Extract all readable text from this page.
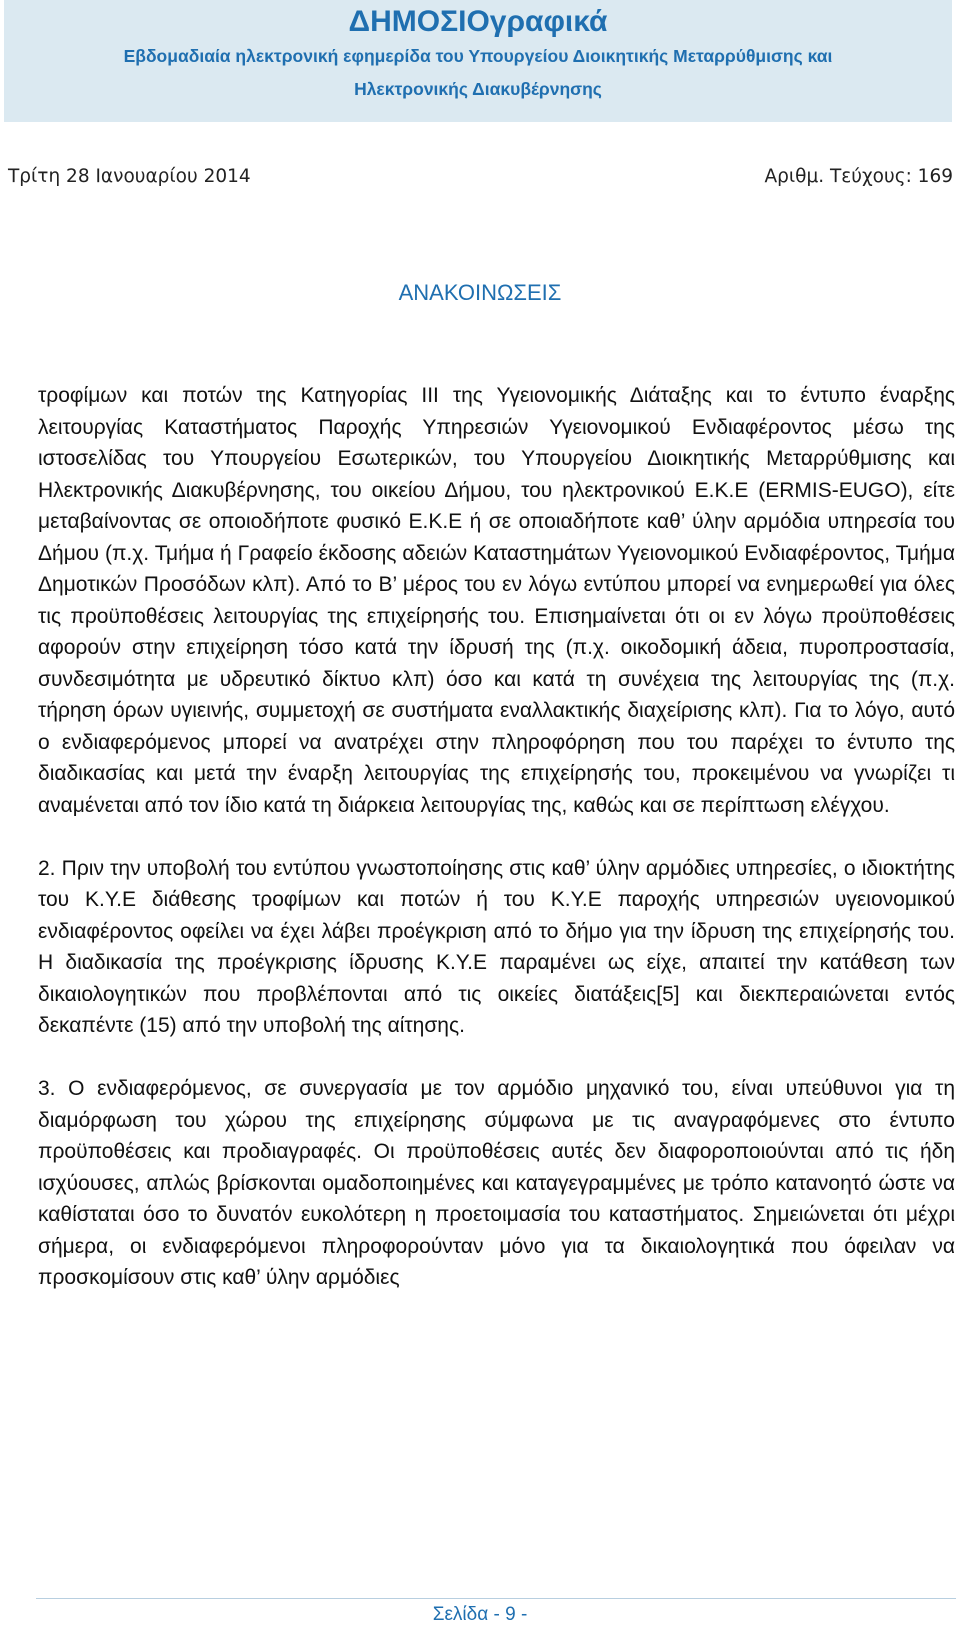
ΔΗΜΟΣΙΟγραφικά
Εβδομαδιαία ηλεκτρονική εφημερίδα του Υπουργείου Διοικητικής Μεταρρύθμισης και
Ηλεκτρονικής Διακυβέρνησης
Τρίτη 28 Ιανουαρίου 2014	Αριθμ. Τεύχους: 169
ΑΝΑΚΟΙΝΩΣΕΙΣ

τροφίμων και ποτών της Κατηγορίας ΙΙΙ της Υγειονομικής Διάταξης και το έντυπο έναρξης λειτουργίας Καταστήματος Παροχής Υπηρεσιών Υγειονομικού Ενδιαφέροντος μέσω της ιστοσελίδας του Υπουργείου Εσωτερικών, του Υπουργείου Διοικητικής Μεταρρύθμισης και Ηλεκτρονικής Διακυβέρνησης, του οικείου Δήμου, του ηλεκτρονικού Ε.Κ.Ε (ERMIS-EUGO), είτε μεταβαίνοντας σε οποιοδήποτε φυσικό Ε.Κ.Ε ή σε οποιαδήποτε καθ’ ύλην αρμόδια υπηρεσία του Δήμου (π.χ. Τμήμα ή Γραφείο έκδοσης αδειών Καταστημάτων Υγειονομικού Ενδιαφέροντος, Τμήμα Δημοτικών Προσόδων κλπ). Από το Β’ μέρος του εν λόγω εντύπου μπορεί να ενημερωθεί για όλες τις προϋποθέσεις λειτουργίας της επιχείρησής του. Επισημαίνεται ότι οι εν λόγω προϋποθέσεις αφορούν στην επιχείρηση τόσο κατά την ίδρυσή της (π.χ. οικοδομική άδεια, πυροπροστασία, συνδεσιμότητα με υδρευτικό δίκτυο κλπ) όσο και κατά τη συνέχεια της λειτουργίας της (π.χ. τήρηση όρων υγιεινής, συμμετοχή σε συστήματα εναλλακτικής διαχείρισης κλπ). Για το λόγο, αυτό ο ενδιαφερόμενος μπορεί να ανατρέχει στην πληροφόρηση που του παρέχει το έντυπο της διαδικασίας και μετά την έναρξη λειτουργίας της επιχείρησής του, προκειμένου να γνωρίζει τι αναμένεται από τον ίδιο κατά τη διάρκεια λειτουργίας της, καθώς και σε περίπτωση ελέγχου.

2. Πριν την υποβολή του εντύπου γνωστοποίησης στις καθ’ ύλην αρμόδιες υπηρεσίες, ο ιδιοκτήτης του Κ.Υ.Ε διάθεσης τροφίμων και ποτών ή του Κ.Υ.Ε παροχής υπηρεσιών υγειονομικού ενδιαφέροντος οφείλει να έχει λάβει προέγκριση από το δήμο για την ίδρυση της επιχείρησής του. Η διαδικασία της προέγκρισης ίδρυσης Κ.Υ.Ε παραμένει ως είχε, απαιτεί την κατάθεση των δικαιολογητικών που προβλέπονται από τις οικείες διατάξεις[5] και διεκπεραιώνεται εντός δεκαπέντε (15) από την υποβολή της αίτησης.

3. Ο ενδιαφερόμενος, σε συνεργασία με τον αρμόδιο μηχανικό του, είναι υπεύθυνοι για τη διαμόρφωση του χώρου της επιχείρησης σύμφωνα με τις αναγραφόμενες στο έντυπο προϋποθέσεις και προδιαγραφές. Οι προϋποθέσεις αυτές δεν διαφοροποιούνται από τις ήδη ισχύουσες, απλώς βρίσκονται ομαδοποιημένες και καταγεγραμμένες με τρόπο κατανοητό ώστε να καθίσταται όσο το δυνατόν ευκολότερη η προετοιμασία του καταστήματος. Σημειώνεται ότι μέχρι σήμερα, οι ενδιαφερόμενοι πληροφορούνταν μόνο για τα δικαιολογητικά που όφειλαν να προσκομίσουν στις καθ’ ύλην αρμόδιες

Σελίδα - 9 -
